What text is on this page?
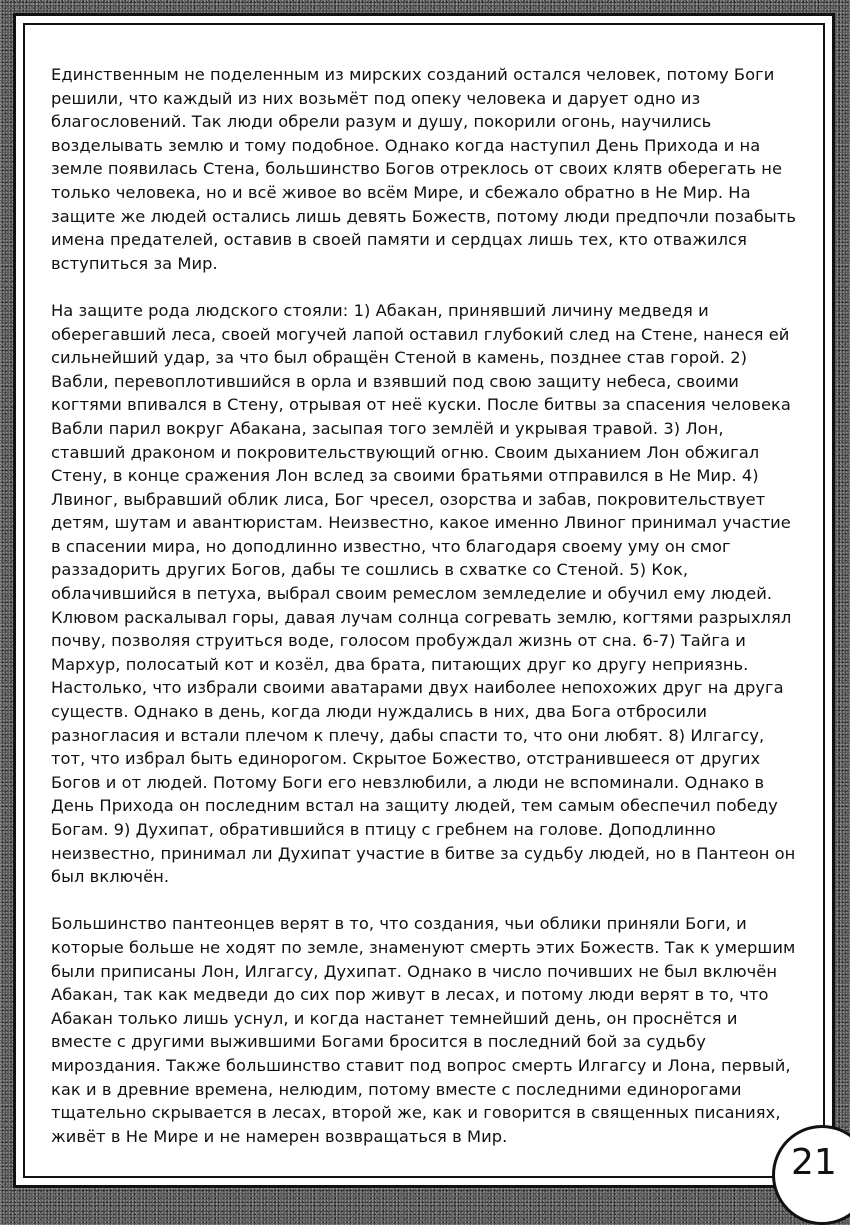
Единственным не поделенным из мирских созданий остался человек, потому Боги решили, что каждый из них возьмёт под опеку человека и дарует одно из благословений. Так люди обрели разум и душу, покорили огонь, научились возделывать землю и тому подобное. Однако когда наступил День Прихода и на земле появилась Стена, большинство Богов отреклось от своих клятв оберегать не только человека, но и всё живое во всём Мире, и сбежало обратно в Не Мир. На защите же людей остались лишь девять Божеств, потому люди предпочли позабыть имена предателей, оставив в своей памяти и сердцах лишь тех, кто отважился вступиться за Мир.

На защите рода людского стояли: 1) Абакан, принявший личину медведя и оберегавший леса, своей могучей лапой оставил глубокий след на Стене, нанеся ей сильнейший удар, за что был обращён Стеной в камень, позднее став горой. 2) Вабли, перевоплотившийся в орла и взявший под свою защиту небеса, своими когтями впивался в Стену, отрывая от неё куски. После битвы за спасения человека Вабли парил вокруг Абакана, засыпая того землёй и укрывая травой. 3) Лон, ставший драконом и покровительствующий огню. Своим дыханием Лон обжигал Стену, в конце сражения Лон вслед за своими братьями отправился в Не Мир. 4) Лвиног, выбравший облик лиса, Бог чресел, озорства и забав, покровительствует детям, шутам и авантюристам. Неизвестно, какое именно Лвиног принимал участие в спасении мира, но доподлинно известно, что благодаря своему уму он смог раззадорить других Богов, дабы те сошлись в схватке со Стеной. 5) Кок, облачившийся в петуха, выбрал своим ремеслом земледелие и обучил ему людей. Клювом раскалывал горы, давая лучам солнца согревать землю, когтями разрыхлял почву, позволяя струиться воде, голосом пробуждал жизнь от сна. 6-7) Тайга и Мархур, полосатый кот и козёл, два брата, питающих друг ко другу неприязнь. Настолько, что избрали своими аватарами двух наиболее непохожих друг на друга существ. Однако в день, когда люди нуждались в них, два Бога отбросили разногласия и встали плечом к плечу, дабы спасти то, что они любят. 8) Илгагсу, тот, что избрал быть единорогом. Скрытое Божество, отстранившееся от других Богов и от людей. Потому Боги его невзлюбили, а люди не вспоминали. Однако в День Прихода он последним встал на защиту людей, тем самым обеспечил победу Богам. 9) Духипат, обратившийся в птицу с гребнем на голове. Доподлинно неизвестно, принимал ли Духипат участие в битве за судьбу людей, но в Пантеон он был включён.

Большинство пантеонцев верят в то, что создания, чьи облики приняли Боги, и которые больше не ходят по земле, знаменуют смерть этих Божеств. Так к умершим были приписаны Лон, Илгагсу, Духипат. Однако в число почивших не был включён Абакан, так как медведи до сих пор живут в лесах, и потому люди верят в то, что Абакан только лишь уснул, и когда настанет темнейший день, он проснётся и вместе с другими выжившими Богами бросится в последний бой за судьбу мироздания. Также большинство ставит под вопрос смерть Илгагсу и Лона, первый, как и в древние времена, нелюдим, потому вместе с последними единорогами тщательно скрывается в лесах, второй же, как и говорится в священных писаниях, живёт в Не Мире и не намерен возвращаться в Мир.

21
